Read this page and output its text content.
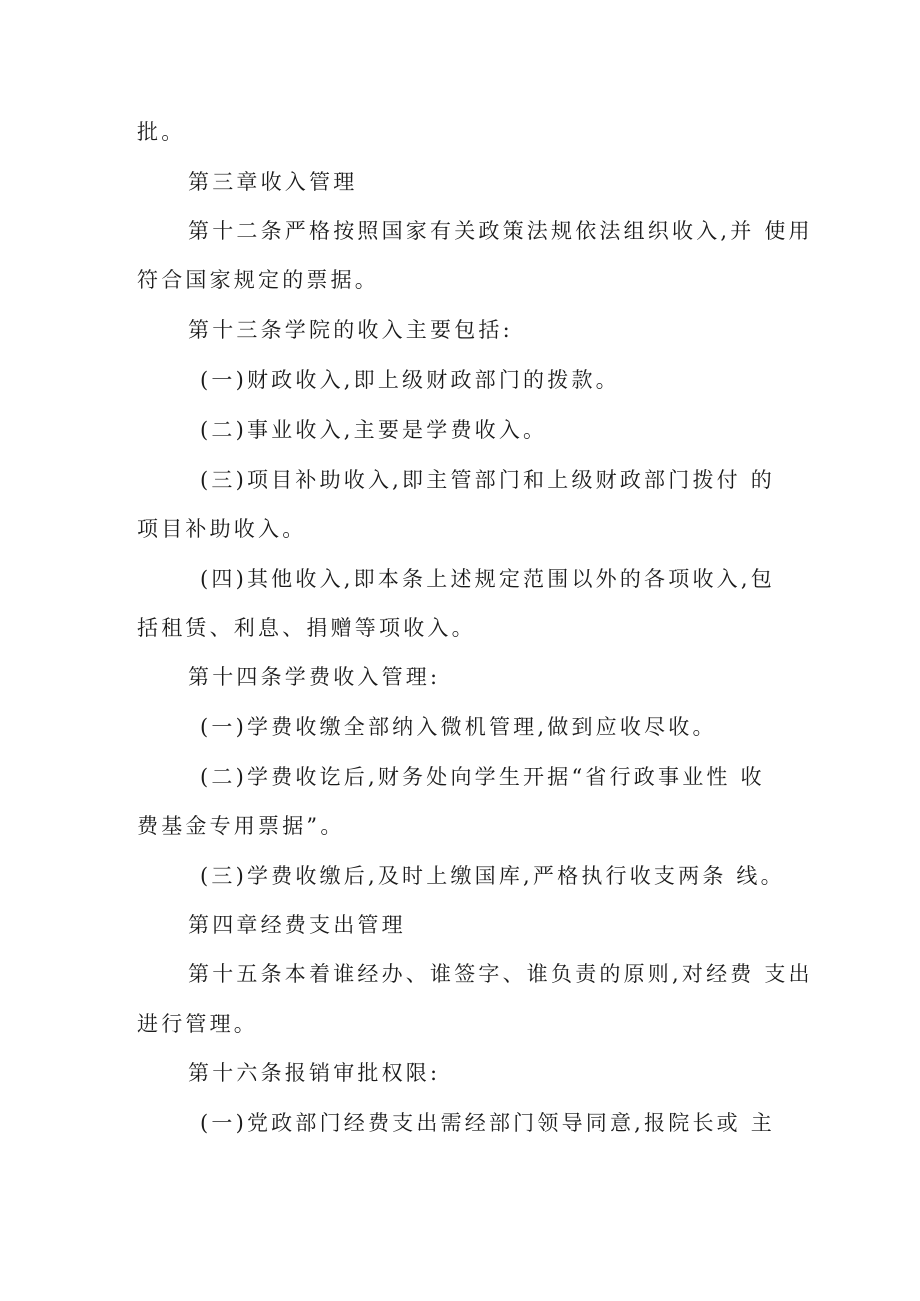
批。
第三章收入管理
第十二条严格按照国家有关政策法规依法组织收入,并 使用
符合国家规定的票据。
第十三条学院的收入主要包括:
(一)财政收入,即上级财政部门的拨款。
(二)事业收入,主要是学费收入。
(三)项目补助收入,即主管部门和上级财政部门拨付 的
项目补助收入。
(四)其他收入,即本条上述规定范围以外的各项收入,包
括租赁、利息、捐赠等项收入。
第十四条学费收入管理:
(一)学费收缴全部纳入微机管理,做到应收尽收。
(二)学费收讫后,财务处向学生开据“省行政事业性 收
费基金专用票据”。
(三)学费收缴后,及时上缴国库,严格执行收支两条 线。
第四章经费支出管理
第十五条本着谁经办、谁签字、谁负责的原则,对经费 支出
进行管理。
第十六条报销审批权限:
(一)党政部门经费支出需经部门领导同意,报院长或 主
